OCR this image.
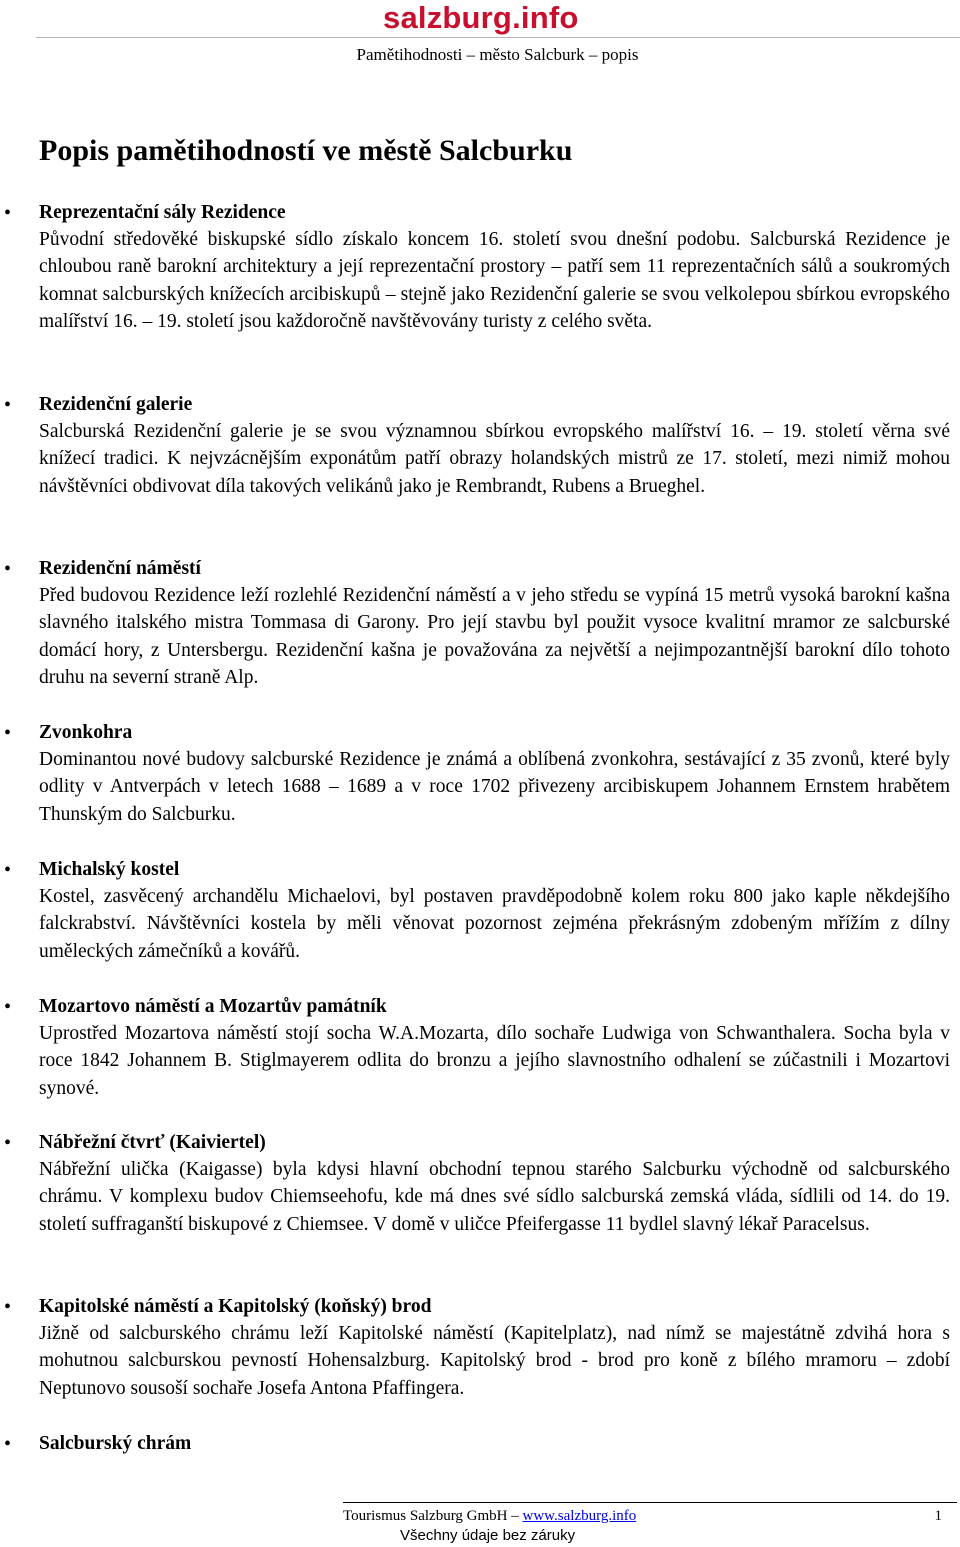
salzburg.info
Pamětihodnosti – město Salcburk – popis
Popis pamětihodností ve městě Salcburku
•	Reprezentační sály Rezidence
Původní středověké biskupské sídlo získalo koncem 16. století svou dnešní podobu. Salcburská Rezidence je chloubou raně barokní architektury a její reprezentační prostory – patří sem 11 reprezentačních sálů a soukromých komnat salcburských knížecích arcibiskupů – stejně jako Rezidenční galerie se svou velkolepou sbírkou evropského malířství 16. – 19. století jsou každoročně navštěvovány turisty z celého světa.
•	Rezidenční galerie
Salcburská Rezidenční galerie je se svou významnou sbírkou evropského malířství 16. – 19. století věrna své knížecí tradici. K nejvzácnějším exponátům patří obrazy holandských mistrů ze 17. století, mezi nimiž mohou návštěvníci obdivovat díla takových velikánů jako je Rembrandt, Rubens a Brueghel.
•	Rezidenční náměstí
Před budovou Rezidence leží rozlehlé Rezidenční náměstí a v jeho středu se vypíná 15 metrů vysoká barokní kašna slavného italského mistra Tommasa di Garony. Pro její stavbu byl použit vysoce kvalitní mramor ze salcburské domácí hory, z Untersbergu. Rezidenční kašna je považována za největší a nejimpozantnější barokní dílo tohoto druhu na severní straně Alp.
•	Zvonkohra
Dominantou nové budovy salcburské Rezidence je známá a oblíbená zvonkohra, sestávající z 35 zvonů, které byly odlity v Antverpách v letech 1688 – 1689 a v roce 1702 přivezeny arcibiskupem Johannem Ernstem hrabětem Thunským do Salcburku.
•	Michalský kostel
Kostel, zasvěcený archandělu Michaelovi, byl postaven pravděpodobně kolem roku 800 jako kaple někdejšího falckrabství. Návštěvníci kostela by měli věnovat pozornost zejména překrásným zdobeným mřížím z dílny uměleckých zámečníků a kovářů.
•	Mozartovo náměstí a Mozartův památník
Uprostřed Mozartova náměstí stojí socha W.A.Mozarta, dílo sochaře Ludwiga von Schwanthalera. Socha byla v roce 1842 Johannem B. Stiglmayerem odlita do bronzu a jejího slavnostního odhalení se zúčastnili i Mozartovi synové.
•	Nábřežní čtvrť (Kaiviertel)
Nábřežní ulička (Kaigasse) byla kdysi hlavní obchodní tepnou starého Salcburku východně od salcburského chrámu. V komplexu budov Chiemseehofu, kde má dnes své sídlo salcburská zemská vláda, sídlili od 14. do 19. století suffraganští biskupové z Chiemsee. V domě v uličce Pfeifergasse 11 bydlel slavný lékař Paracelsus.
•	Kapitolské náměstí a Kapitolský (koňský) brod
Jižně od salcburského chrámu leží Kapitolské náměstí (Kapitelplatz), nad nímž se majestátně zdvihá hora s mohutnou salcburskou pevností Hohensalzburg. Kapitolský brod - brod pro koně z bílého mramoru – zdobí Neptunovo sousoší sochaře Josefa Antona Pfaffingera.
•	Salcburský chrám
Tourismus Salzburg GmbH – www.salzburg.info	1
Všechny údaje bez záruky
